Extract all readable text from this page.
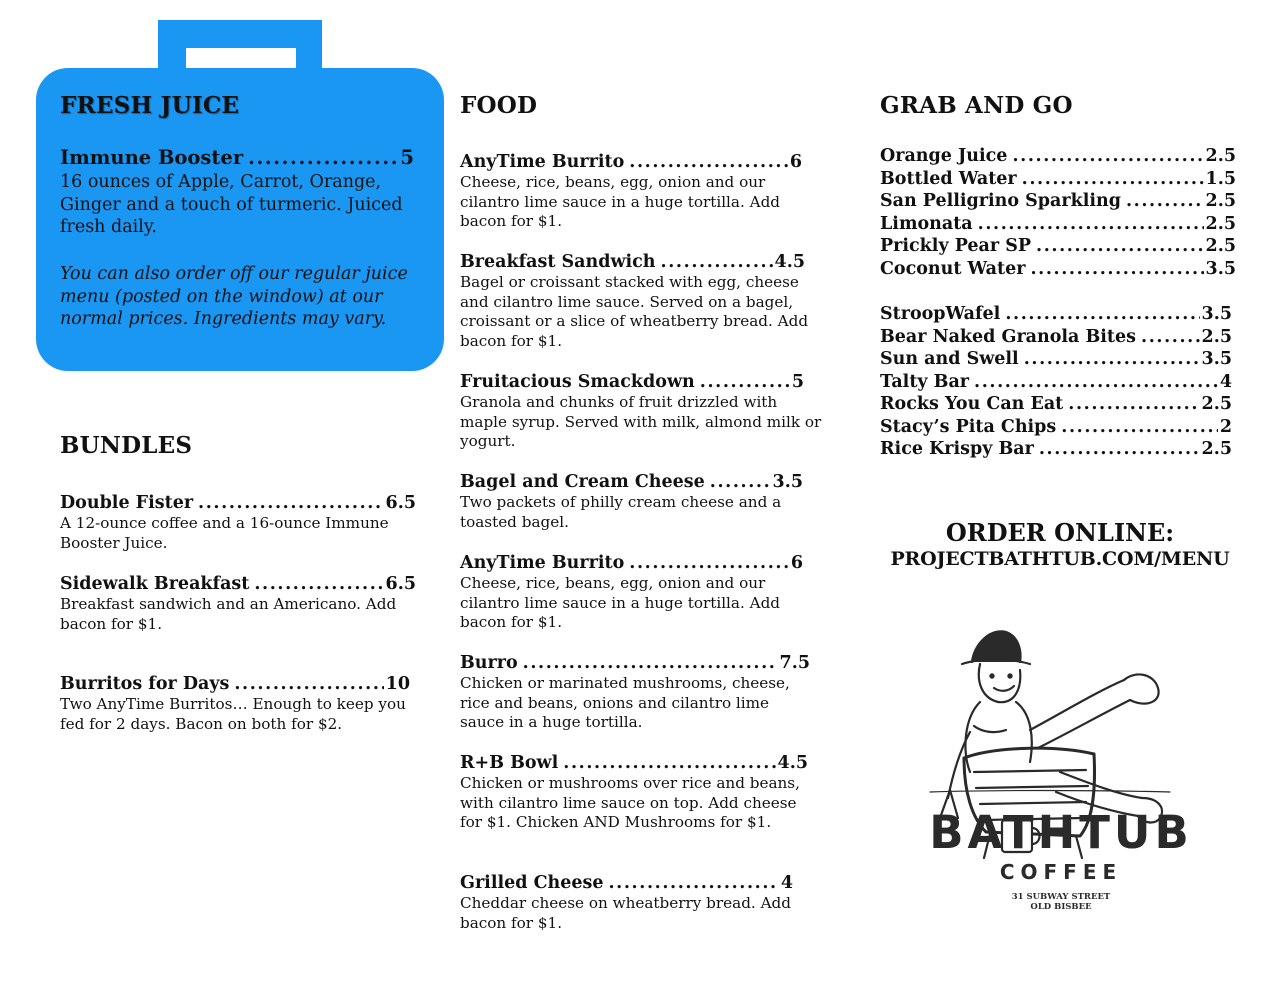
FRESH JUICE
Immune Booster .....	5
16 ounces of Apple, Carrot, Orange, Ginger and a touch of turmeric. Juiced fresh daily.
You can also order off our regular juice menu (posted on the window) at our normal prices. Ingredients may vary.
BUNDLES
Double Fister .....	6.5
A 12-ounce coffee and a 16-ounce Immune Booster Juice.
Sidewalk Breakfast .....	6.5
Breakfast sandwich and an Americano. Add bacon for $1.
Burritos for Days .....	10
Two AnyTime Burritos… Enough to keep you fed for 2 days. Bacon on both for $2.
FOOD
AnyTime Burrito .....	6
Cheese, rice, beans, egg, onion and our cilantro lime sauce in a huge tortilla. Add bacon for $1.
Breakfast Sandwich .....	4.5
Bagel or croissant stacked with egg, cheese and cilantro lime sauce. Served on a bagel, croissant or a slice of wheatberry bread. Add bacon for $1.
Fruitacious Smackdown .....	5
Granola and chunks of fruit drizzled with maple syrup. Served with milk, almond milk or yogurt.
Bagel and Cream Cheese .....	3.5
Two packets of philly cream cheese and a toasted bagel.
AnyTime Burrito .....	6
Cheese, rice, beans, egg, onion and our cilantro lime sauce in a huge tortilla. Add bacon for $1.
Burro .....	7.5
Chicken or marinated mushrooms, cheese, rice and beans, onions and cilantro lime sauce in a huge tortilla.
R+B Bowl .....	4.5
Chicken or mushrooms over rice and beans, with cilantro lime sauce on top. Add cheese for $1. Chicken AND Mushrooms for $1.
Grilled Cheese .....	4
Cheddar cheese on wheatberry bread. Add bacon for $1.
GRAB AND GO
Orange Juice .....	2.5
Bottled Water .....	1.5
San Pelligrino Sparkling .....	2.5
Limonata .....	2.5
Prickly Pear SP .....	2.5
Coconut Water .....	3.5
StroopWafel .....	3.5
Bear Naked Granola Bites .....	2.5
Sun and Swell .....	3.5
Talty Bar .....	4
Rocks You Can Eat .....	2.5
Stacy’s Pita Chips .....	2
Rice Krispy Bar .....	2.5
ORDER ONLINE:
PROJECTBATHTUB.COM/MENU
BATHTUB
COFFEE
31 SUBWAY STREET
OLD BISBEE
